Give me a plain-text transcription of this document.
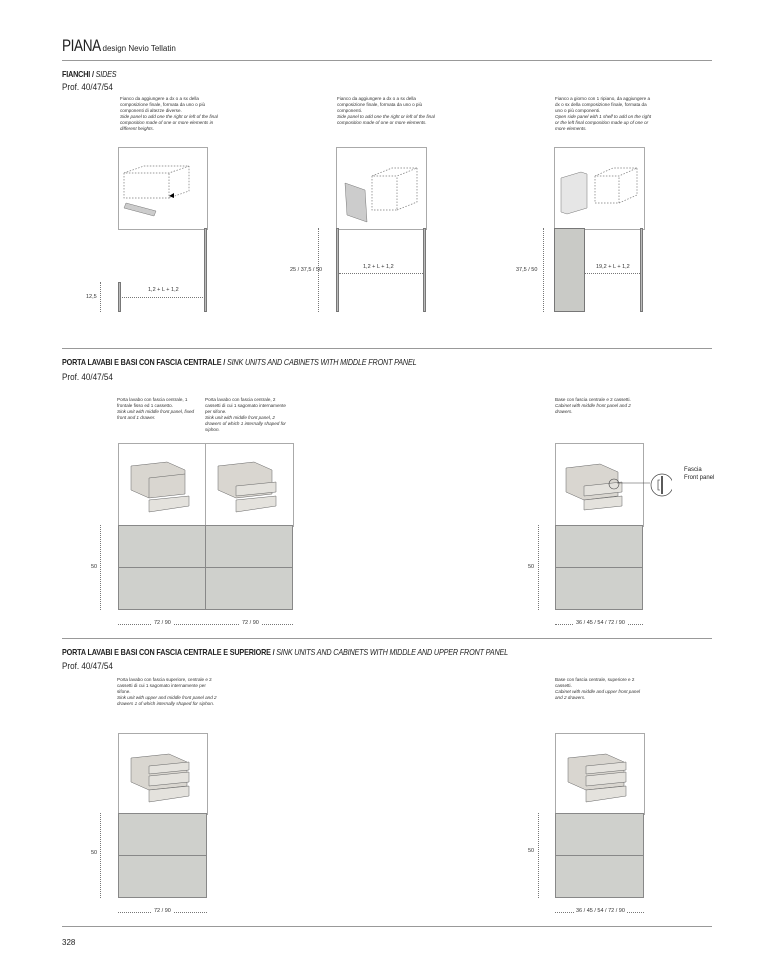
PIANA design Nevio Tellatin
FIANCHI / SIDES
Prof. 40/47/54
Fianco da aggiungere a dx o a sx della composizione finale, formata da uno o più componenti di altezze diverse.
Side panel to add one the right or left of the final composition made of one or more elements in different heights.
Fianco da aggiungere a dx o a sx della composizione finale, formata da uno o più componenti.
Side panel to add one the right or left of the final composition made of one or more elements.
Fianco a giorno con 1 ripiano, da aggiungere a dx o sx della composizione finale, formata da uno o più componenti.
Open side panel with 1 shelf to add on the right or the left final composition made up of one or more elements.
1,2 + L + 1,2
12,5
1,2 + L + 1,2
25 / 37,5 / 50	19,2 + L + 1,2
37,5 / 50
PORTA LAVABI E BASI CON FASCIA CENTRALE / SINK UNITS AND CABINETS WITH MIDDLE FRONT PANEL
Prof. 40/47/54
Porta lavabo con fascia centrale, 1 frontale fisso ed 1 cassetto.
Sink unit with middle front panel, fixed front and 1 drawer.
Porta lavabo con fascia centrale, 2 cassetti di cui 1 sagomato internamente per sifone.
Sink unit with middle front panel, 2 drawers of which 1 internally shaped for siphon.
Base con fascia centrale e 2 cassetti.
Cabinet with middle front panel and 2 drawers.
50
72 / 90	72 / 90
50
36 / 45 / 54 / 72 / 90
Fascia
Front panel
PORTA LAVABI E BASI CON FASCIA CENTRALE E SUPERIORE / SINK UNITS AND CABINETS WITH MIDDLE AND UPPER FRONT PANEL
Prof. 40/47/54
Porta lavabo con fascia superiore, centrale e 2 cassetti di cui 1 sagomato internamente per sifone.
Sink unit with upper and middle front panel and 2 drawers 1 of which internally shaped for siphon.
Base con fascia centrale, superiore e 2 cassetti.
Cabinet with middle and upper front panel and 2 drawers.
50
72 / 90
50
36 / 45 / 54 / 72 / 90
328
